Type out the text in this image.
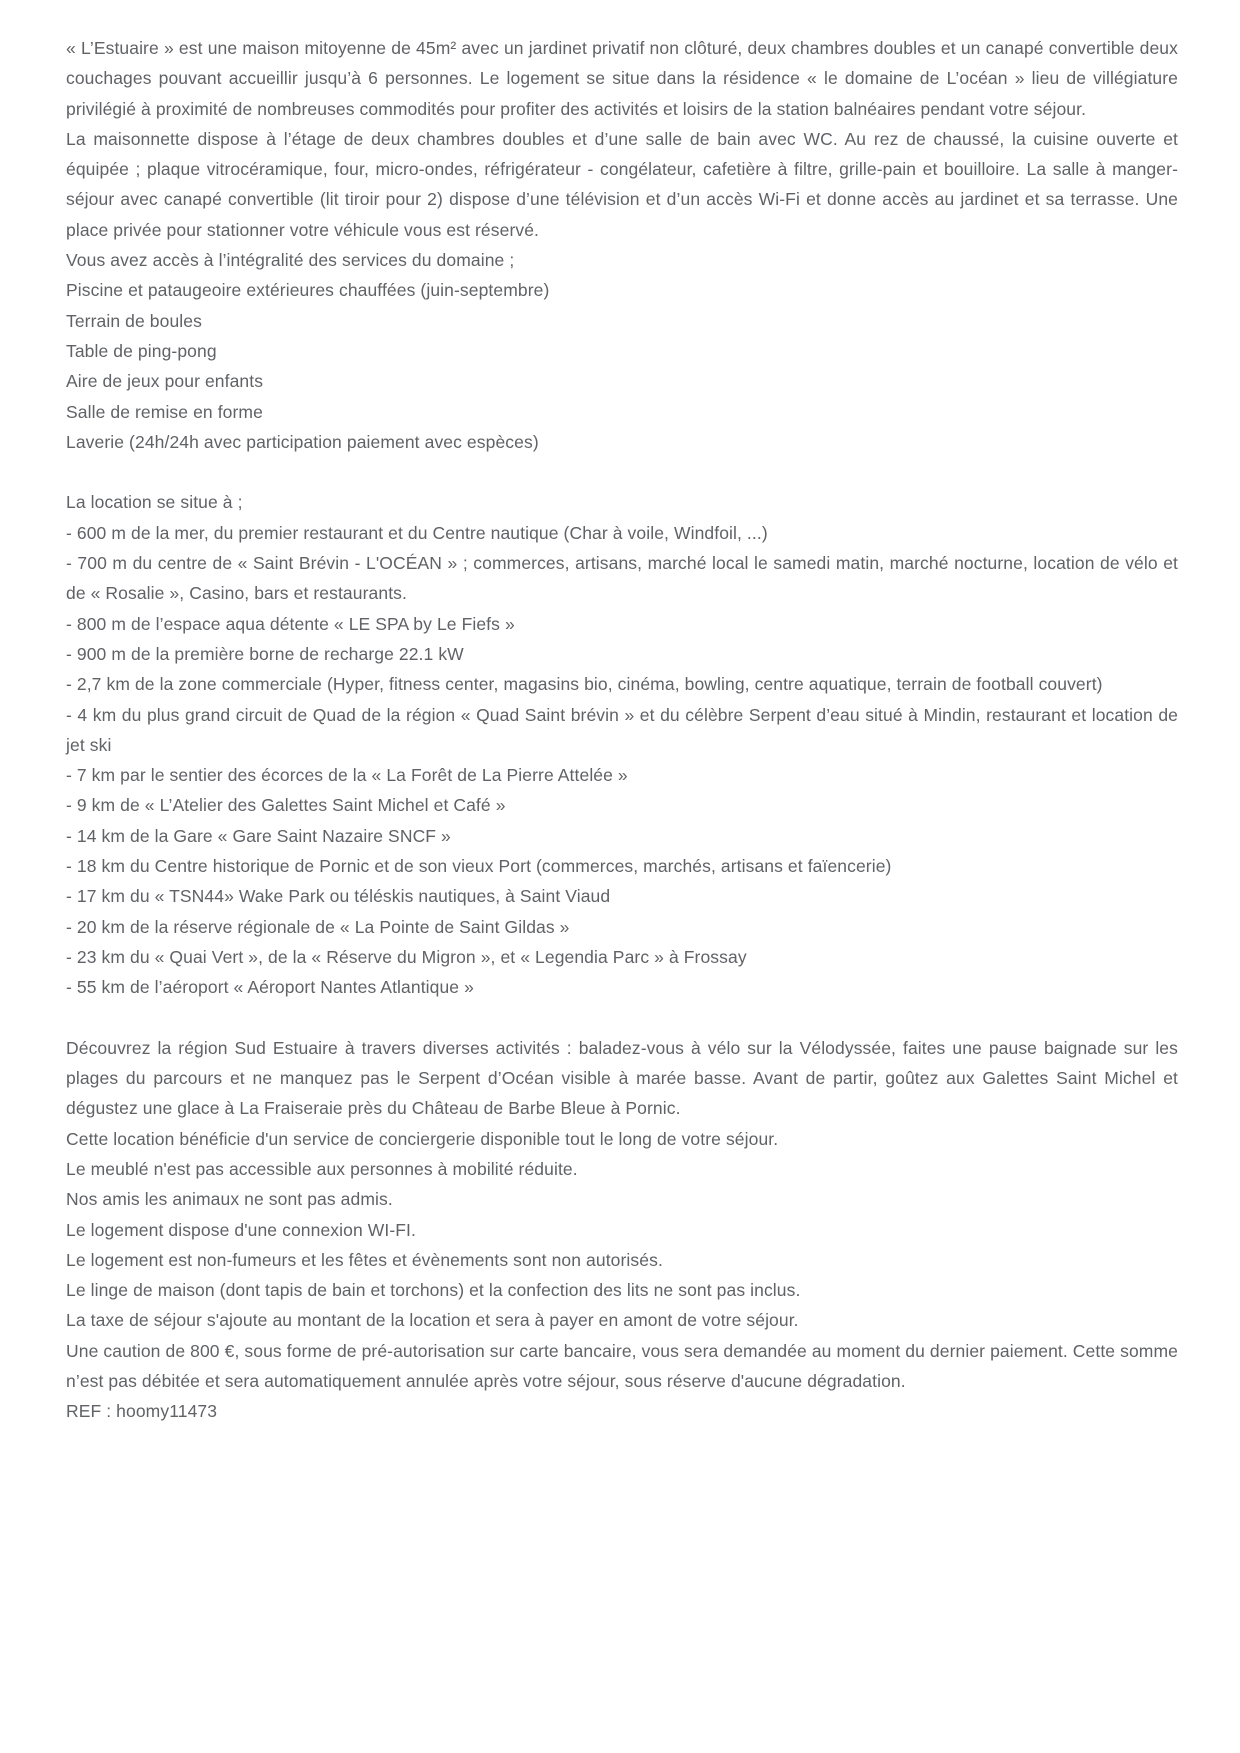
« L’Estuaire » est une maison mitoyenne de 45m² avec un jardinet privatif non clôturé, deux chambres doubles et un canapé convertible deux couchages pouvant accueillir jusqu’à 6 personnes. Le logement se situe dans la résidence « le domaine de L’océan » lieu de villégiature privilégié à proximité de nombreuses commodités pour profiter des activités et loisirs de la station balnéaires pendant votre séjour.

La maisonnette dispose à l’étage de deux chambres doubles et d’une salle de bain avec WC. Au rez de chaussé, la cuisine ouverte et équipée ; plaque vitrocéramique, four, micro-ondes, réfrigérateur - congélateur, cafetière à filtre, grille-pain et bouilloire. La salle à manger- séjour avec canapé convertible (lit tiroir pour 2) dispose d’une télévision et d’un accès Wi-Fi et donne accès au jardinet et sa terrasse. Une place privée pour stationner votre véhicule vous est réservé.

Vous avez accès à l’intégralité des services du domaine ;

Piscine et pataugeoire extérieures chauffées (juin-septembre)

Terrain de boules

Table de ping-pong

Aire de jeux pour enfants

Salle de remise en forme

Laverie (24h/24h avec participation paiement avec espèces)

La location se situe à ;

- 600 m de la mer, du premier restaurant et du Centre nautique (Char à voile, Windfoil, ...)

- 700 m du centre de « Saint Brévin - L'OCÉAN » ; commerces, artisans, marché local le samedi matin, marché nocturne, location de vélo et de « Rosalie », Casino, bars et restaurants.

- 800 m de l’espace aqua détente « LE SPA by Le Fiefs »

- 900 m de la première borne de recharge 22.1 kW

- 2,7 km de la zone commerciale (Hyper, fitness center, magasins bio, cinéma, bowling, centre aquatique, terrain de football couvert)

- 4 km du plus grand circuit de Quad de la région « Quad Saint brévin » et du célèbre Serpent d’eau situé à Mindin, restaurant et location de jet ski

- 7 km par le sentier des écorces de la « La Forêt de La Pierre Attelée »

- 9 km de « L’Atelier des Galettes Saint Michel et Café »

- 14 km de la Gare « Gare Saint Nazaire SNCF »

- 18 km du Centre historique de Pornic et de son vieux Port (commerces, marchés, artisans et faïencerie)

- 17 km du « TSN44» Wake Park ou téléskis nautiques, à Saint Viaud

- 20 km de la réserve régionale de « La Pointe de Saint Gildas »

- 23 km du « Quai Vert », de la « Réserve du Migron », et « Legendia Parc » à Frossay

- 55 km de l’aéroport « Aéroport Nantes Atlantique »

Découvrez la région Sud Estuaire à travers diverses activités : baladez-vous à vélo sur la Vélodyssée, faites une pause baignade sur les plages du parcours et ne manquez pas le Serpent d’Océan visible à marée basse. Avant de partir, goûtez aux Galettes Saint Michel et dégustez une glace à La Fraiseraie près du Château de Barbe Bleue à Pornic.

Cette location bénéficie d'un service de conciergerie disponible tout le long de votre séjour.

Le meublé n'est pas accessible aux personnes à mobilité réduite.

Nos amis les animaux ne sont pas admis.

Le logement dispose d'une connexion WI-FI.

Le logement est non-fumeurs et les fêtes et évènements sont non autorisés.

Le linge de maison (dont tapis de bain et torchons) et la confection des lits ne sont pas inclus.

La taxe de séjour s'ajoute au montant de la location et sera à payer en amont de votre séjour.

Une caution de 800 €, sous forme de pré-autorisation sur carte bancaire, vous sera demandée au moment du dernier paiement. Cette somme n’est pas débitée et sera automatiquement annulée après votre séjour, sous réserve d'aucune dégradation.

REF : hoomy11473
